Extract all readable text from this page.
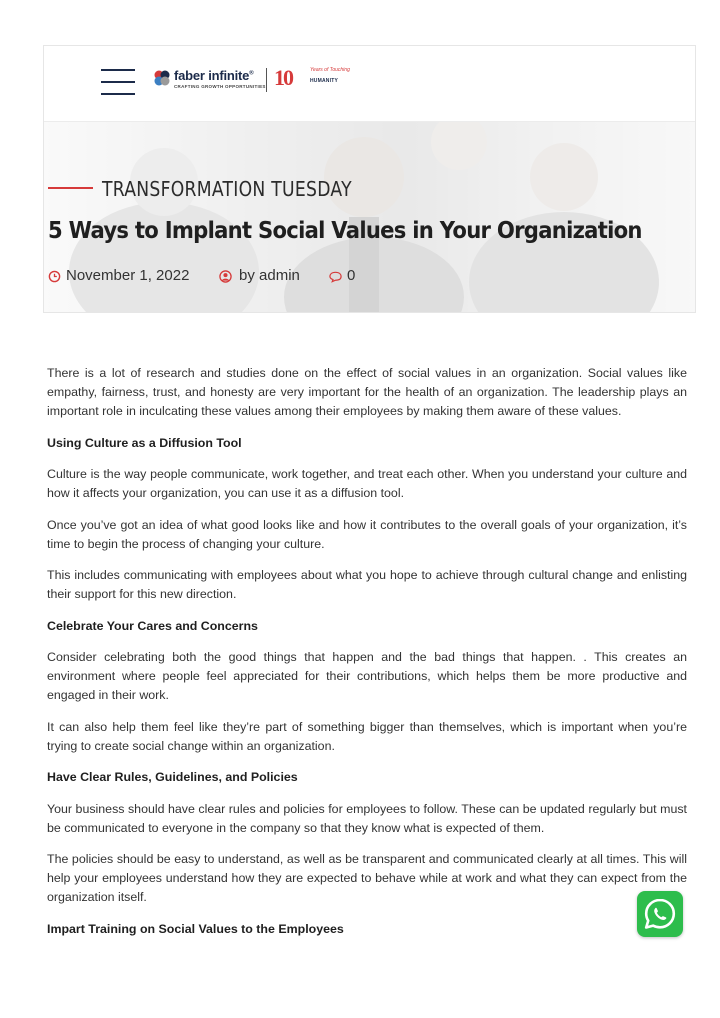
faber infinite®
CRAFTING GROWTH OPPORTUNITIES 10	Years of Touching
HUMANITY
TRANSFORMATION TUESDAY
5 Ways to Implant Social Values in Your Organization
November 1, 2022	by admin	0

There is a lot of research and studies done on the effect of social values in an organization. Social values like empathy, fairness, trust, and honesty are very important for the health of an organization. The leadership plays an important role in inculcating these values among their employees by making them aware of these values.

Using Culture as a Diffusion Tool

Culture is the way people communicate, work together, and treat each other. When you understand your culture and how it affects your organization, you can use it as a diffusion tool.

Once you’ve got an idea of what good looks like and how it contributes to the overall goals of your organization, it’s time to begin the process of changing your culture.

This includes communicating with employees about what you hope to achieve through cultural change and enlisting their support for this new direction.

Celebrate Your Cares and Concerns

Consider celebrating both the good things that happen and the bad things that happen. . This creates an environment where people feel appreciated for their contributions, which helps them be more productive and engaged in their work.

It can also help them feel like they’re part of something bigger than themselves, which is important when you’re trying to create social change within an organization.

Have Clear Rules, Guidelines, and Policies

Your business should have clear rules and policies for employees to follow. These can be updated regularly but must be communicated to everyone in the company so that they know what is expected of them.

The policies should be easy to understand, as well as be transparent and communicated clearly at all times. This will help your employees understand how they are expected to behave while at work and what they can expect from the organization itself.

Impart Training on Social Values to the Employees
